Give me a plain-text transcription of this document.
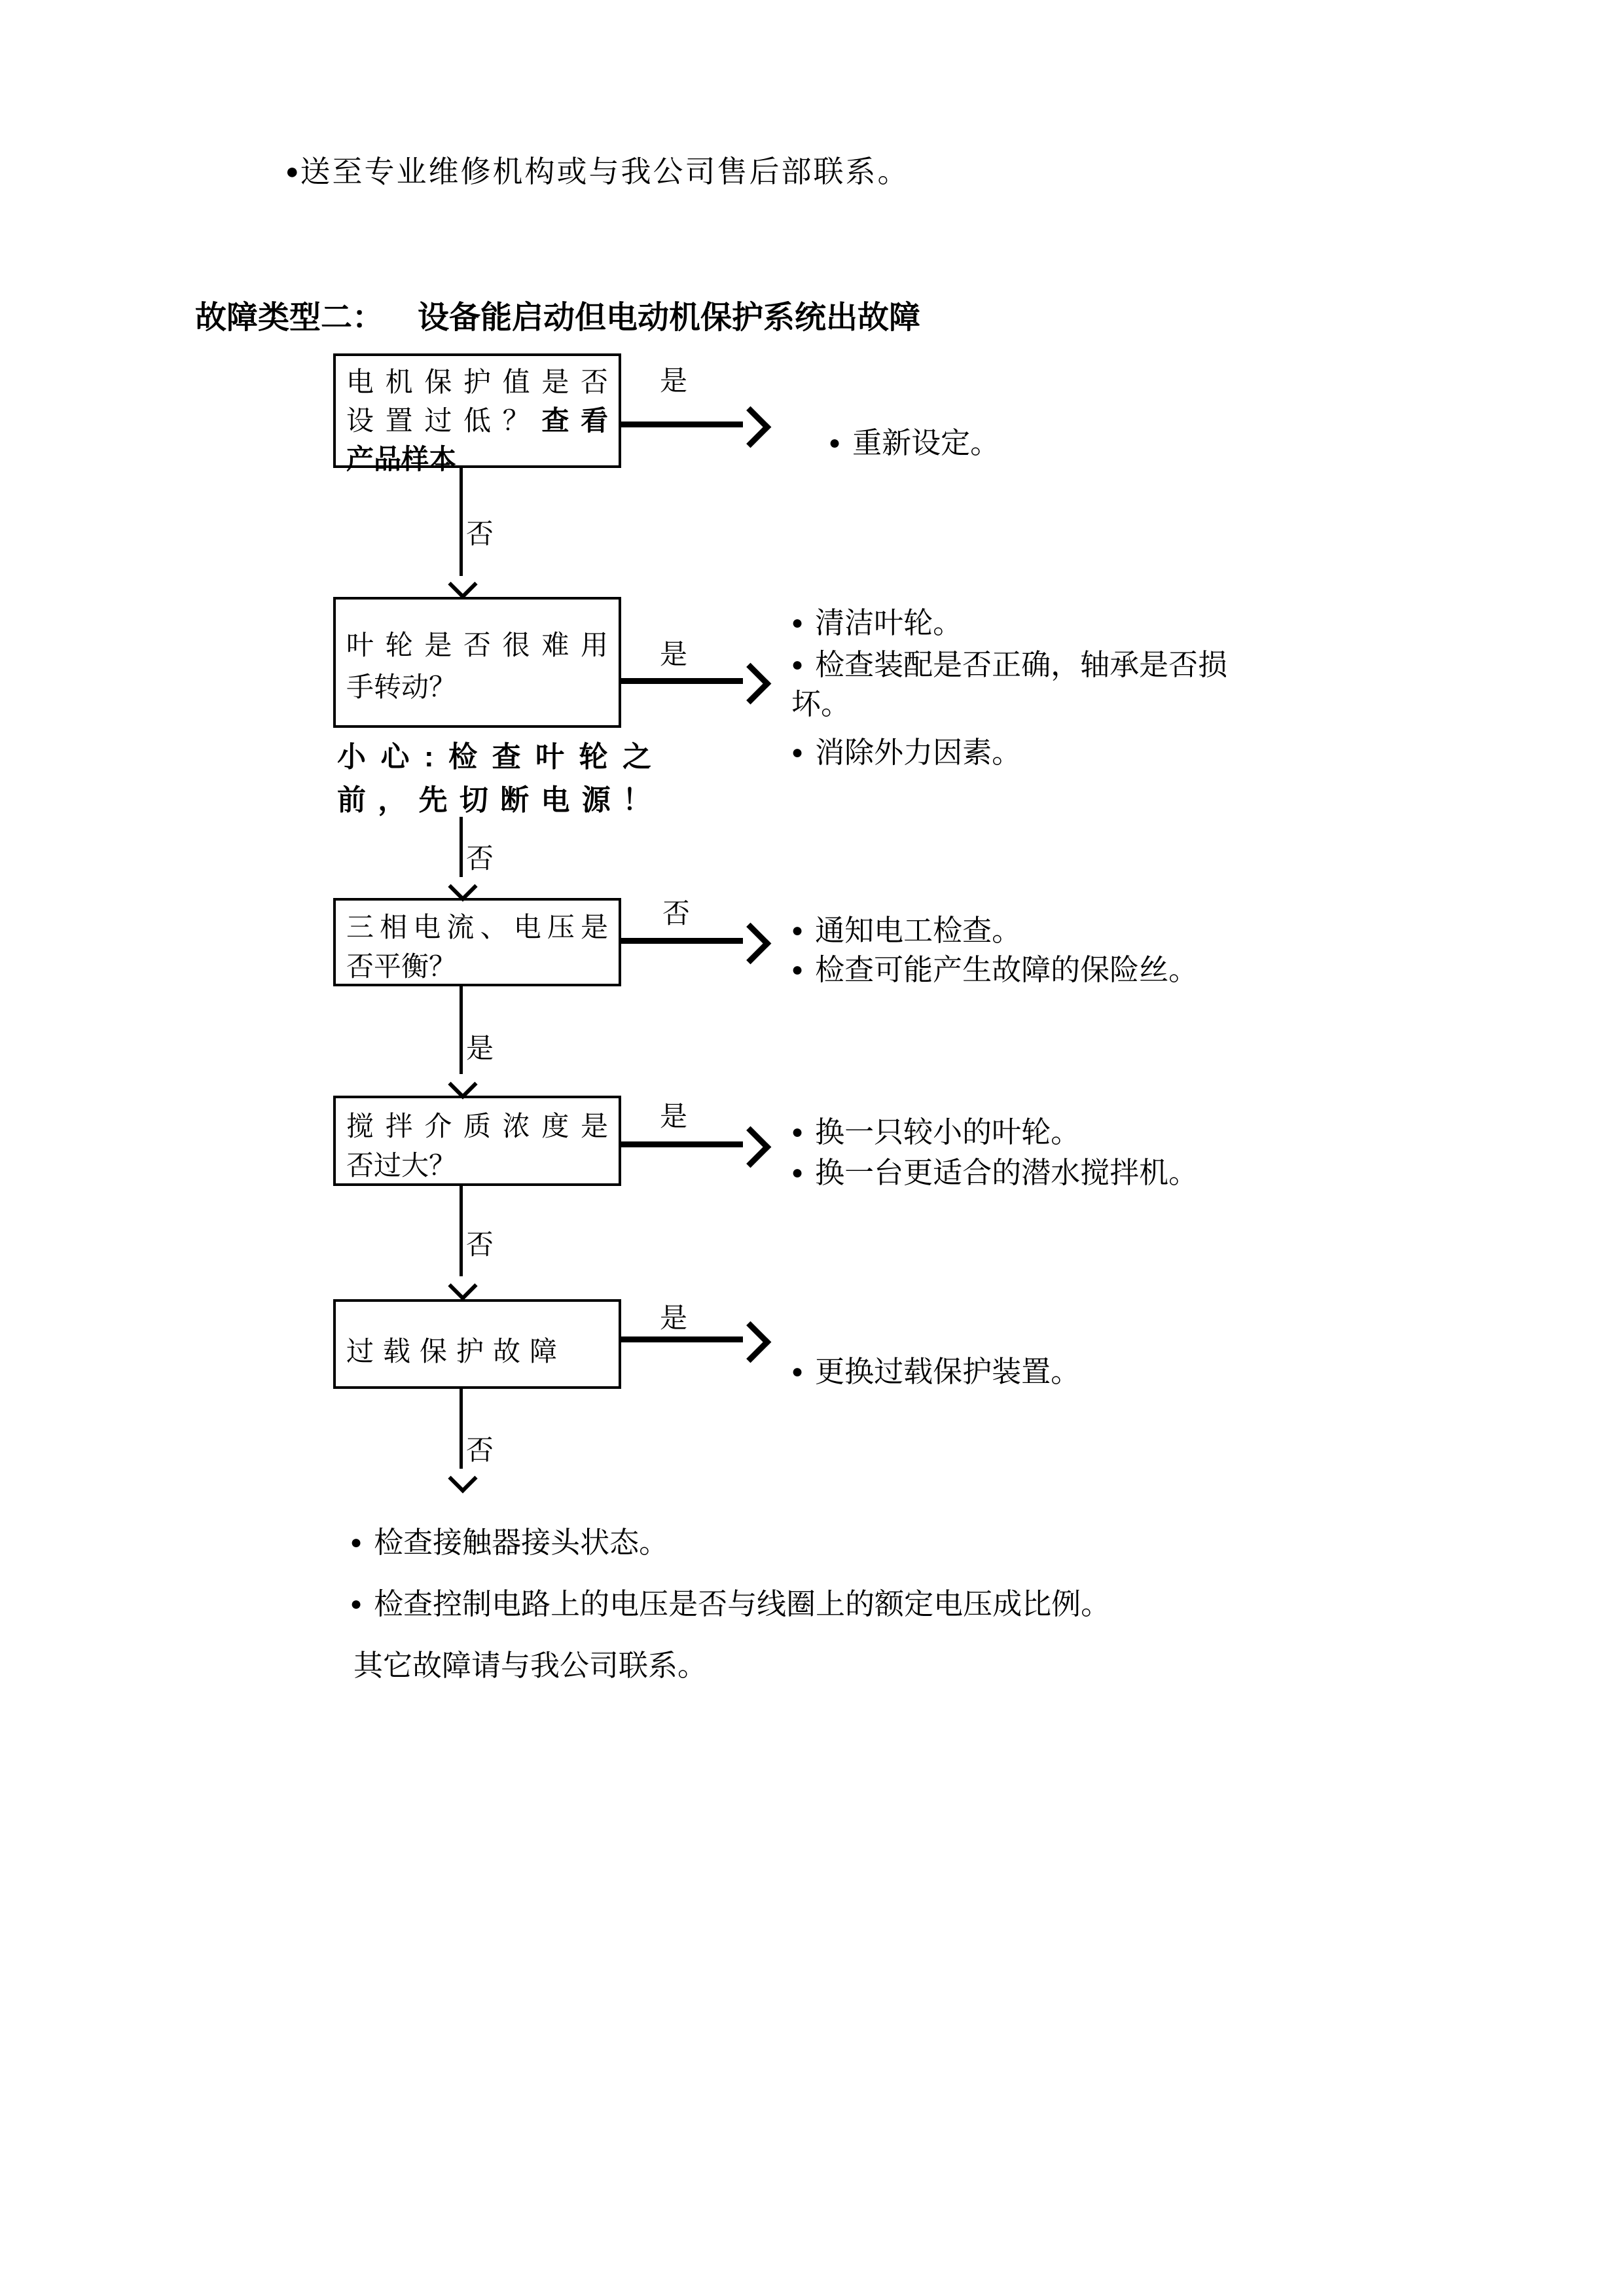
●送至专业维修机构或与我公司售后部联系。
故障类型二： 设备能启动但电动机保护系统出故障
电机保护值是否
设置过低？查看
产品样本
是
● 重新设定。
否
叶轮是否很难用
手转动？
是
● 清洁叶轮。
● 检查装配是否正确，轴承是否损坏。
● 消除外力因素。
小心:检查叶轮之
前，先切断电源！
否
三相电流、电压是
否平衡？
否
● 通知电工检查。
● 检查可能产生故障的保险丝。
是
搅拌介质浓度是
否过大？
是	● 换一只较小的叶轮。
● 换一台更适合的潜水搅拌机。
否
过载保护故障
是
● 更换过载保护装置。
否
● 检查接触器接头状态。
● 检查控制电路上的电压是否与线圈上的额定电压成比例。
其它故障请与我公司联系。
